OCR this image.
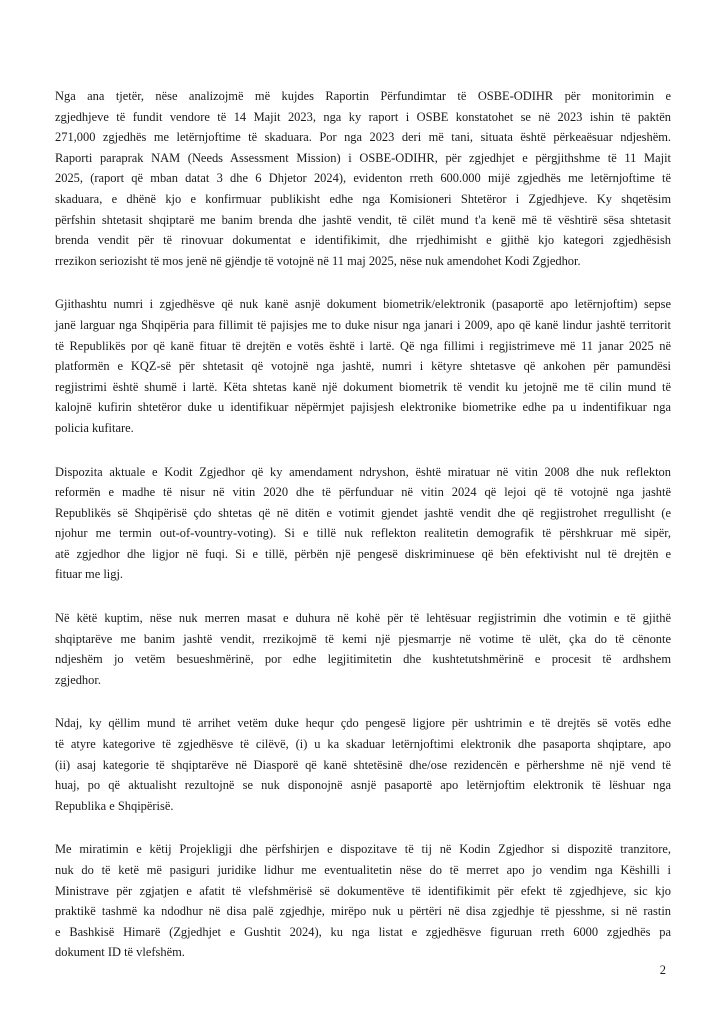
Nga ana tjetër, nëse analizojmë më kujdes Raportin Përfundimtar të OSBE-ODIHR për monitorimin e
zgjedhjeve të fundit vendore të 14 Majit 2023, nga ky raport i OSBE konstatohet se në 2023 ishin të paktën
271,000 zgjedhës me letërnjoftime të skaduara. Por nga 2023 deri më tani, situata është përkeaësuar ndjeshëm.
Raporti paraprak NAM (Needs Assessment Mission) i OSBE-ODIHR, për zgjedhjet e përgjithshme të 11 Majit
2025, (raport që mban datat 3 dhe 6 Dhjetor 2024), evidenton rreth 600.000 mijë zgjedhës me letërnjoftime të
skaduara, e dhënë kjo e konfirmuar publikisht edhe nga Komisioneri Shtetëror i Zgjedhjeve. Ky shqetësim
përfshin shtetasit shqiptarë me banim brenda dhe jashtë vendit, të cilët mund t'a kenë më të vështirë sësa shtetasit
brenda vendit për të rinovuar dokumentat e identifikimit, dhe rrjedhimisht e gjithë kjo kategori zgjedhësish
rrezikon seriozisht të mos jenë në gjëndje të votojnë në 11 maj 2025, nëse nuk amendohet Kodi Zgjedhor.

Gjithashtu numri i zgjedhësve që nuk kanë asnjë dokument biometrik/elektronik (pasaportë apo letërnjoftim) sepse
janë larguar nga Shqipëria para fillimit të pajisjes me to duke nisur nga janari i 2009, apo që kanë lindur jashtë territorit
të Republikës por që kanë fituar të drejtën e votës është i lartë. Që nga fillimi i regjistrimeve më 11 janar 2025 në
platformën e KQZ-së për shtetasit që votojnë nga jashtë, numri i këtyre shtetasve që ankohen për pamundësi
regjistrimi është shumë i lartë. Këta shtetas kanë një dokument biometrik të vendit ku jetojnë me të cilin mund të
kalojnë kufirin shtetëror duke u identifikuar nëpërmjet pajisjesh elektronike biometrike edhe pa u indentifikuar nga
policia kufitare.

Dispozita aktuale e Kodit Zgjedhor që ky amendament ndryshon, është miratuar në vitin 2008 dhe nuk reflekton
reformën e madhe të nisur në vitin 2020 dhe të përfunduar në vitin 2024 që lejoi që të votojnë nga jashtë
Republikës së Shqipërisë çdo shtetas që në ditën e votimit gjendet jashtë vendit dhe që regjistrohet rregullisht (e
njohur me termin out-of-vountry-voting). Si e tillë nuk reflekton realitetin demografik të përshkruar më sipër,
atë zgjedhor dhe ligjor në fuqi. Si e tillë, përbën një pengesë diskriminuese që bën efektivisht nul të drejtën e
fituar me ligj.

Në këtë kuptim, nëse nuk merren masat e duhura në kohë për të lehtësuar regjistrimin dhe votimin e të gjithë
shqiptarëve me banim jashtë vendit, rrezikojmë të kemi një pjesmarrje në votime të ulët, çka do të cënonte
ndjeshëm jo vetëm besueshmërinë, por edhe legjitimitetin dhe kushtetutshmërinë e procesit të ardhshem
zgjedhor.

Ndaj, ky qëllim mund të arrihet vetëm duke hequr çdo pengesë ligjore për ushtrimin e të drejtës së votës edhe
të atyre kategorive të zgjedhësve të cilëvë, (i) u ka skaduar letërnjoftimi elektronik dhe pasaporta shqiptare, apo
(ii) asaj kategorie të shqiptarëve në Diasporë që kanë shtetësinë dhe/ose rezidencën e përhershme në një vend të
huaj, po që aktualisht rezultojnë se nuk disponojnë asnjë pasaportë apo letërnjoftim elektronik të lëshuar nga
Republika e Shqipërisë.

Me miratimin e këtij Projekligji dhe përfshirjen e dispozitave të tij në Kodin Zgjedhor si dispozitë tranzitore,
nuk do të ketë më pasiguri juridike lidhur me eventualitetin nëse do të merret apo jo vendim nga Këshilli i
Ministrave për zgjatjen e afatit të vlefshmërisë së dokumentëve të identifikimit për efekt të zgjedhjeve, sic kjo
praktikë tashmë ka ndodhur në disa palë zgjedhje, mirëpo nuk u përtëri në disa zgjedhje të pjesshme, si në rastin
e Bashkisë Himarë (Zgjedhjet e Gushtit 2024), ku nga listat e zgjedhësve figuruan rreth 6000 zgjedhës pa
dokument ID të vlefshëm.

2
